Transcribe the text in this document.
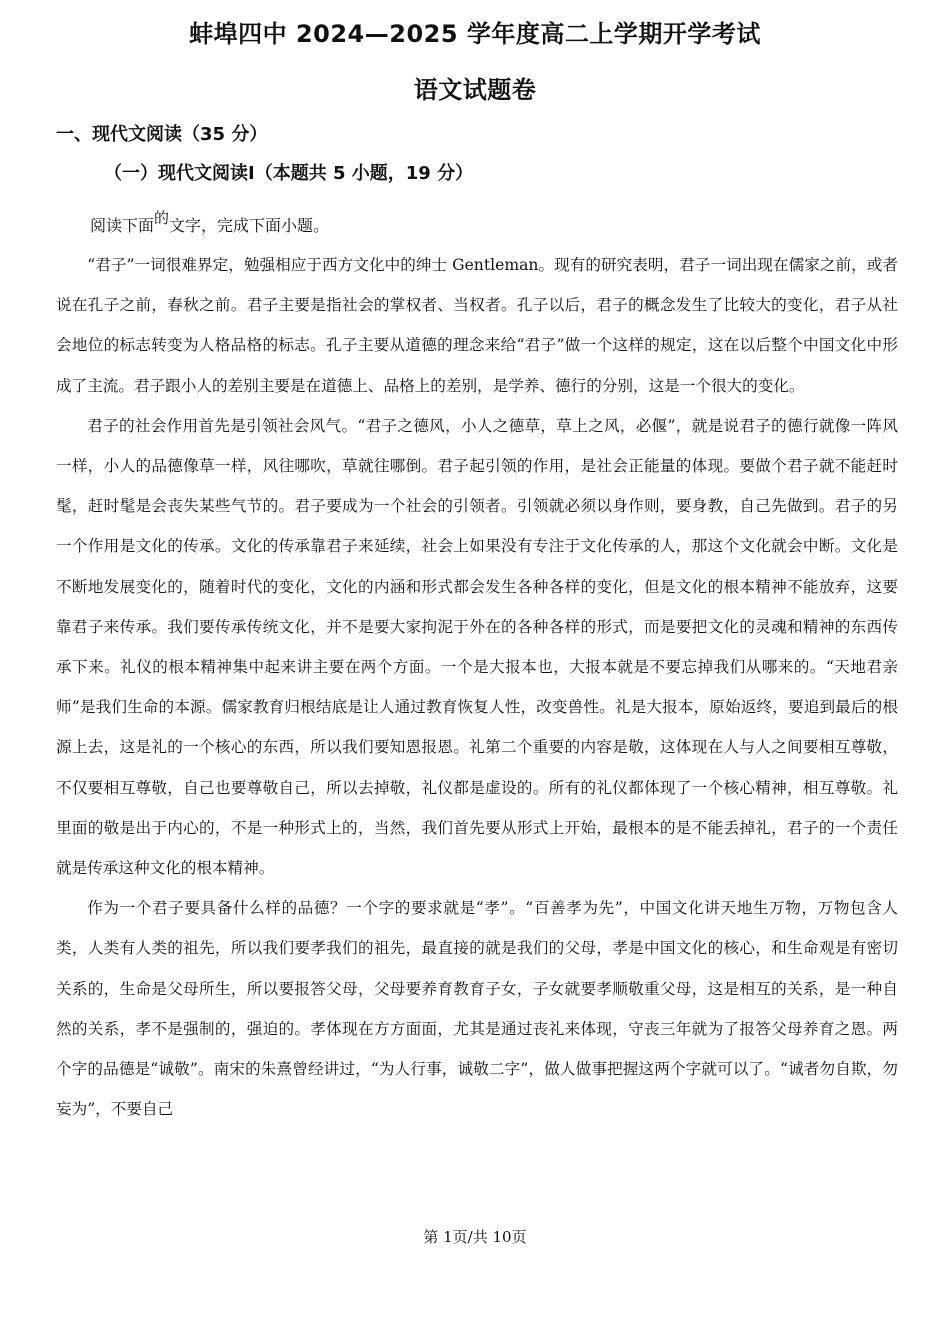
蚌埠四中 2024—2025 学年度高二上学期开学考试
语文试题卷
一、现代文阅读（35 分）
（一）现代文阅读Ⅰ（本题共 5 小题，19 分）
阅读下面$^的$文字，完成下面小题。

“君子”一词很难界定，勉强相应于西方文化中的绅士 Gentleman。现有的研究表明，君子一词出现在儒家之前，或者说在孔子之前，春秋之前。君子主要是指社会的掌权者、当权者。孔子以后，君子的概念发生了比较大的变化，君子从社会地位的标志转变为人格品格的标志。孔子主要从道德的理念来给“君子”做一个这样的规定，这在以后整个中国文化中形成了主流。君子跟小人的差别主要是在道德上、品格上的差别，是学养、德行的分别，这是一个很大的变化。

君子的社会作用首先是引领社会风气。“君子之德风，小人之德草，草上之风，必偃”，就是说君子的德行就像一阵风一样，小人的品德像草一样，风往哪吹，草就往哪倒。君子起引领的作用，是社会正能量的体现。要做个君子就不能赶时髦，赶时髦是会丧失某些气节的。君子要成为一个社会的引领者。引领就必须以身作则，要身教，自己先做到。君子的另一个作用是文化的传承。文化的传承靠君子来延续，社会上如果没有专注于文化传承的人，那这个文化就会中断。文化是不断地发展变化的，随着时代的变化，文化的内涵和形式都会发生各种各样的变化，但是文化的根本精神不能放弃，这要靠君子来传承。我们要传承传统文化，并不是要大家拘泥于外在的各种各样的形式，而是要把文化的灵魂和精神的东西传承下来。礼仪的根本精神集中起来讲主要在两个方面。一个是大报本也，大报本就是不要忘掉我们从哪来的。“天地君亲师”是我们生命的本源。儒家教育归根结底是让人通过教育恢复人性，改变兽性。礼是大报本，原始返终，要追到最后的根源上去，这是礼的一个核心的东西，所以我们要知恩报恩。礼第二个重要的内容是敬，这体现在人与人之间要相互尊敬，不仅要相互尊敬，自己也要尊敬自己，所以去掉敬，礼仪都是虚设的。所有的礼仪都体现了一个核心精神，相互尊敬。礼里面的敬是出于内心的，不是一种形式上的，当然，我们首先要从形式上开始，最根本的是不能丢掉礼，君子的一个责任就是传承这种文化的根本精神。

作为一个君子要具备什么样的品德？一个字的要求就是“孝”。“百善孝为先”，中国文化讲天地生万物，万物包含人类，人类有人类的祖先，所以我们要孝我们的祖先，最直接的就是我们的父母，孝是中国文化的核心，和生命观是有密切关系的，生命是父母所生，所以要报答父母，父母要养育教育子女，子女就要孝顺敬重父母，这是相互的关系，是一种自然的关系，孝不是强制的，强迫的。孝体现在方方面面，尤其是通过丧礼来体现，守丧三年就为了报答父母养育之恩。两个字的品德是“诚敬”。南宋的朱熹曾经讲过，“为人行事，诚敬二字”，做人做事把握这两个字就可以了。“诚者勿自欺，勿妄为”，不要自己

第 1页/共 10页
